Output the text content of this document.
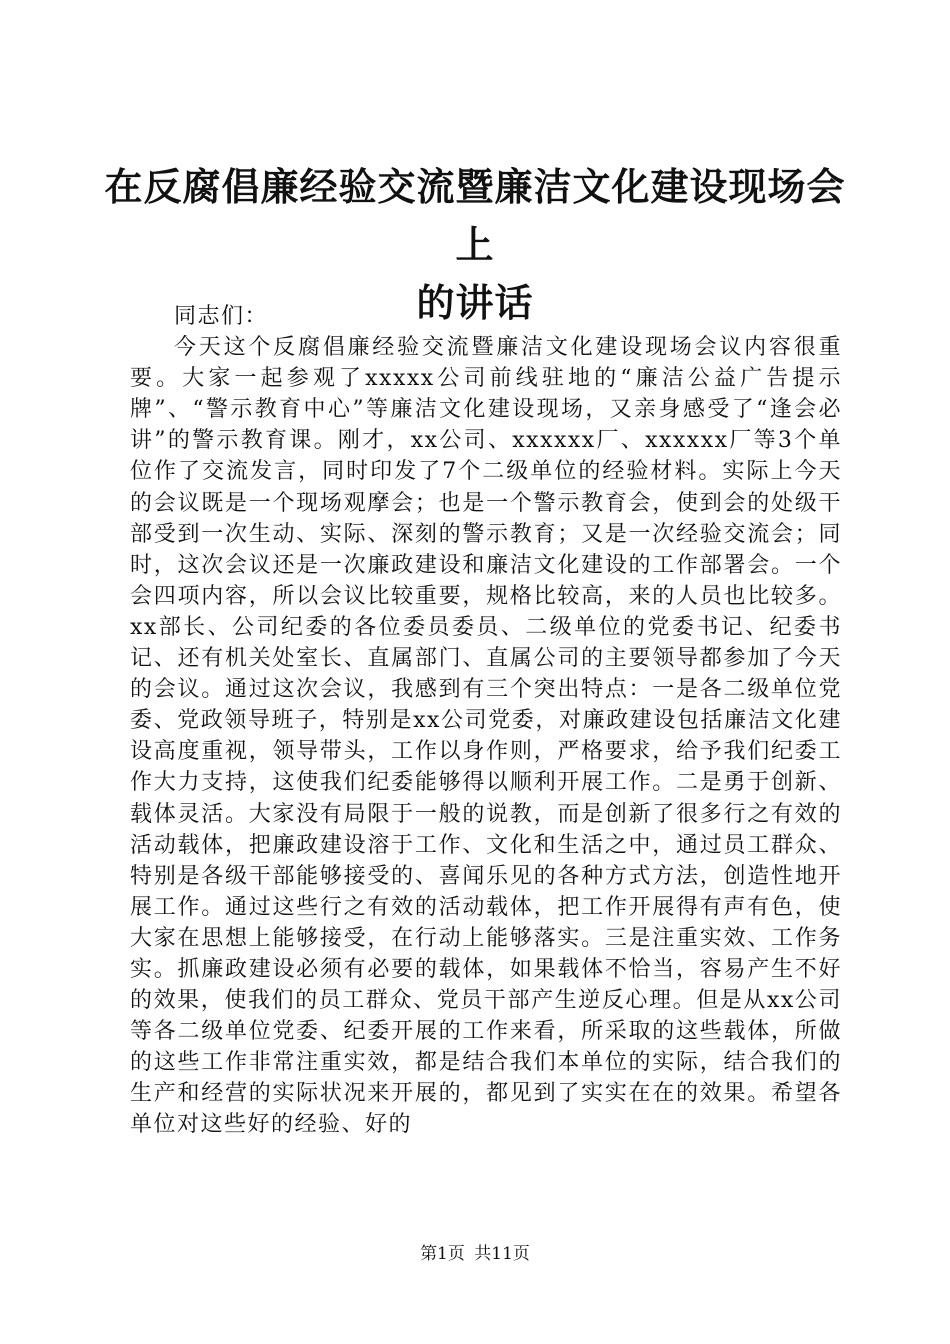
在反腐倡廉经验交流暨廉洁文化建设现场会上
的讲话

同志们：

今天这个反腐倡廉经验交流暨廉洁文化建设现场会议内容很重要。大家一起参观了xxxxx公司前线驻地的“廉洁公益广告提示牌”、“警示教育中心”等廉洁文化建设现场，又亲身感受了“逢会必讲”的警示教育课。刚才，xx公司、xxxxxx厂、xxxxxx厂等3个单位作了交流发言，同时印发了7个二级单位的经验材料。实际上今天的会议既是一个现场观摩会；也是一个警示教育会，使到会的处级干部受到一次生动、实际、深刻的警示教育；又是一次经验交流会；同时，这次会议还是一次廉政建设和廉洁文化建设的工作部署会。一个会四项内容，所以会议比较重要，规格比较高，来的人员也比较多。xx部长、公司纪委的各位委员委员、二级单位的党委书记、纪委书记、还有机关处室长、直属部门、直属公司的主要领导都参加了今天的会议。通过这次会议，我感到有三个突出特点：一是各二级单位党委、党政领导班子，特别是xx公司党委，对廉政建设包括廉洁文化建设高度重视，领导带头，工作以身作则，严格要求，给予我们纪委工作大力支持，这使我们纪委能够得以顺利开展工作。二是勇于创新、载体灵活。大家没有局限于一般的说教，而是创新了很多行之有效的活动载体，把廉政建设溶于工作、文化和生活之中，通过员工群众、特别是各级干部能够接受的、喜闻乐见的各种方式方法，创造性地开展工作。通过这些行之有效的活动载体，把工作开展得有声有色，使大家在思想上能够接受，在行动上能够落实。三是注重实效、工作务实。抓廉政建设必须有必要的载体，如果载体不恰当，容易产生不好的效果，使我们的员工群众、党员干部产生逆反心理。但是从xx公司等各二级单位党委、纪委开展的工作来看，所采取的这些载体，所做的这些工作非常注重实效，都是结合我们本单位的实际，结合我们的生产和经营的实际状况来开展的，都见到了实实在在的效果。希望各单位对这些好的经验、好的

第1页 共11页
